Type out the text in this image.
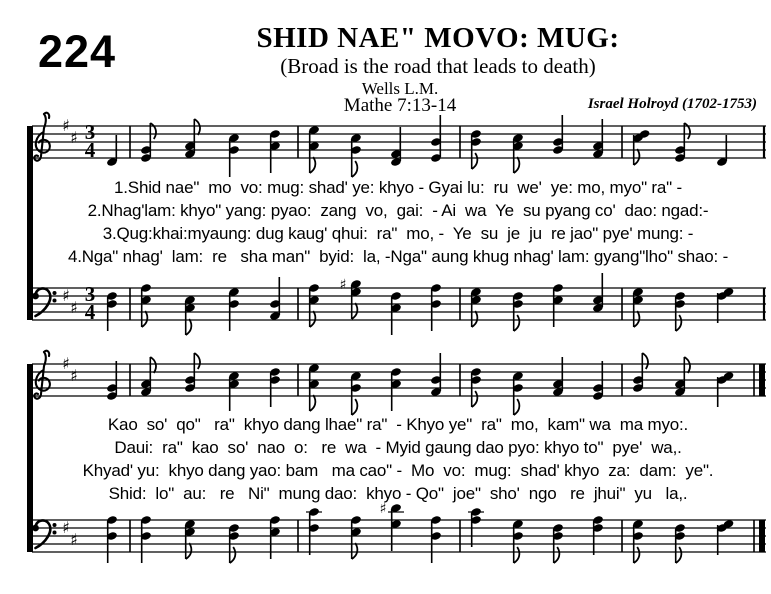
224	SHID NAE" MOVO: MUG:
(Broad is the road that leads to death)
Wells L.M.
Mathe 7:13-14	Israel Holroyd (1702-1753)
♯
♯ 3
4
1.Shid nae"  mo  vo: mug: shad' ye: khyo - Gyai lu:  ru  we'  ye: mo, myo" ra" -
2.Nhag'lam: khyo" yang: pyao:  zang  vo,  gai:  - Ai  wa  Ye  su pyang co'  dao: ngad:-
3.Qug:khai:myaung: dug kaug' qhui:  ra"  mo, -  Ye  su  je  ju  re jao" pye' mung: -
4.Nga" nhag'  lam:  re   sha man"  byid:  la, -Nga" aung khug nhag' lam: gyang"lho" shao: -
♯
♯
3
4
♯
♯
♯
Kao  so'  qo"   ra"  khyo dang lhae" ra"  - Khyo ye"  ra"  mo,  kam" wa  ma myo:.
Daui:  ra"  kao  so'  nao  o:   re  wa  - Myid gaung dao pyo: khyo to"  pye'  wa,.
Khyad' yu:  khyo dang yao: bam   ma cao" -  Mo  vo:  mug:  shad' khyo  za:  dam:  ye".
Shid:  lo"  au:   re   Ni"  mung dao:  khyo - Qo"  joe"  sho'  ngo   re  jhui"  yu   la,.
♯
♯
♯
